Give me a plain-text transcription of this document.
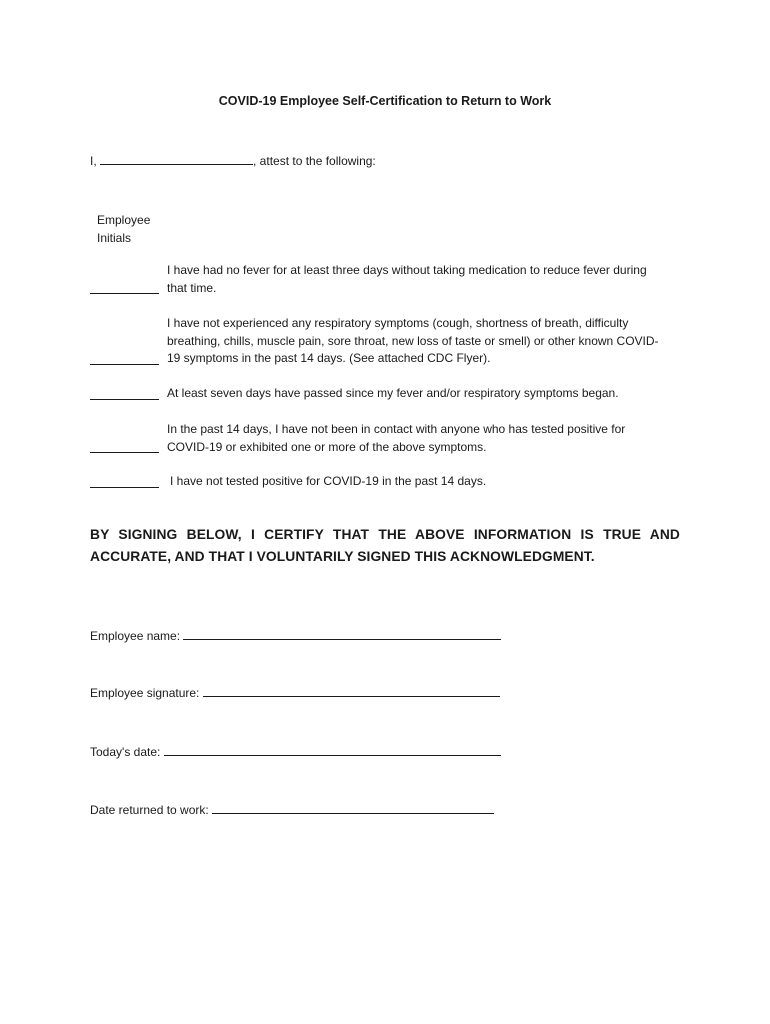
COVID-19 Employee Self-Certification to Return to Work
I,	, attest to the following:
Employee
Initials
I have had no fever for at least three days without taking medication to reduce fever during that time.
I have not experienced any respiratory symptoms (cough, shortness of breath, difficulty breathing, chills, muscle pain, sore throat, new loss of taste or smell) or other known COVID-19 symptoms in the past 14 days. (See attached CDC Flyer).
At least seven days have passed since my fever and/or respiratory symptoms began.
In the past 14 days, I have not been in contact with anyone who has tested positive for COVID-19 or exhibited one or more of the above symptoms.
I have not tested positive for COVID-19 in the past 14 days.
BY SIGNING BELOW, I CERTIFY THAT THE ABOVE INFORMATION IS TRUE AND ACCURATE, AND THAT I VOLUNTARILY SIGNED THIS ACKNOWLEDGMENT.
Employee name:
Employee signature:
Today's date:
Date returned to work:
